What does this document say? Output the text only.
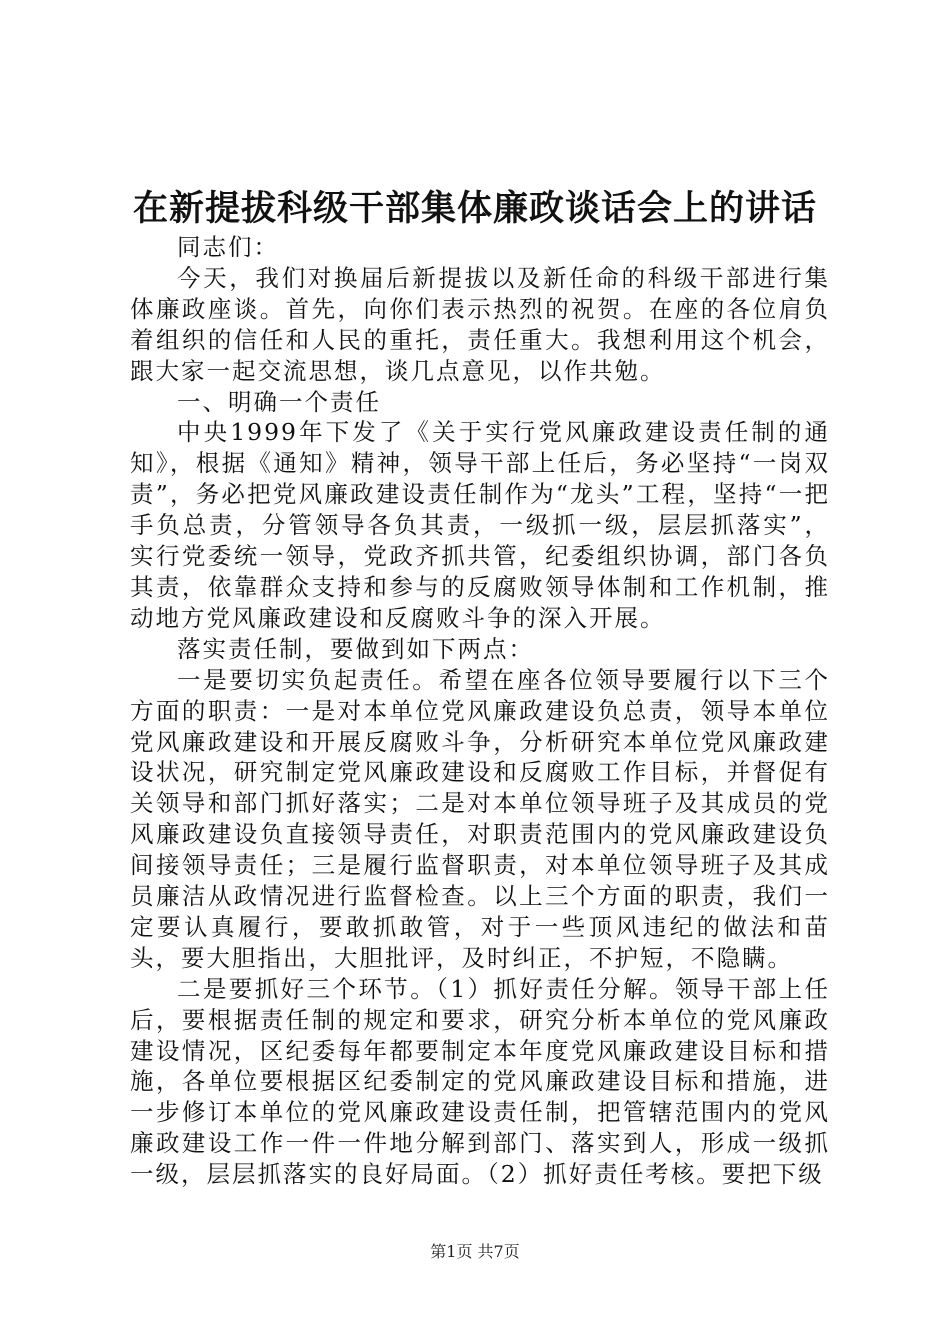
在新提拔科级干部集体廉政谈话会上的讲话

同志们：

今天，我们对换届后新提拔以及新任命的科级干部进行集体廉政座谈。首先，向你们表示热烈的祝贺。在座的各位肩负着组织的信任和人民的重托，责任重大。我想利用这个机会，跟大家一起交流思想，谈几点意见，以作共勉。

一、明确一个责任

中央1999年下发了《关于实行党风廉政建设责任制的通知》，根据《通知》精神，领导干部上任后，务必坚持“一岗双责”，务必把党风廉政建设责任制作为“龙头”工程，坚持“一把手负总责，分管领导各负其责，一级抓一级，层层抓落实”，实行党委统一领导，党政齐抓共管，纪委组织协调，部门各负其责，依靠群众支持和参与的反腐败领导体制和工作机制，推动地方党风廉政建设和反腐败斗争的深入开展。

落实责任制，要做到如下两点：

一是要切实负起责任。希望在座各位领导要履行以下三个方面的职责：一是对本单位党风廉政建设负总责，领导本单位党风廉政建设和开展反腐败斗争，分析研究本单位党风廉政建设状况，研究制定党风廉政建设和反腐败工作目标，并督促有关领导和部门抓好落实；二是对本单位领导班子及其成员的党风廉政建设负直接领导责任，对职责范围内的党风廉政建设负间接领导责任；三是履行监督职责，对本单位领导班子及其成员廉洁从政情况进行监督检查。以上三个方面的职责，我们一定要认真履行，要敢抓敢管，对于一些顶风违纪的做法和苗头，要大胆指出，大胆批评，及时纠正，不护短，不隐瞒。

二是要抓好三个环节。（1）抓好责任分解。领导干部上任后，要根据责任制的规定和要求，研究分析本单位的党风廉政建设情况，区纪委每年都要制定本年度党风廉政建设目标和措施，各单位要根据区纪委制定的党风廉政建设目标和措施，进一步修订本单位的党风廉政建设责任制，把管辖范围内的党风廉政建设工作一件一件地分解到部门、落实到人，形成一级抓一级，层层抓落实的良好局面。（2）抓好责任考核。要把下级

第1页 共7页
